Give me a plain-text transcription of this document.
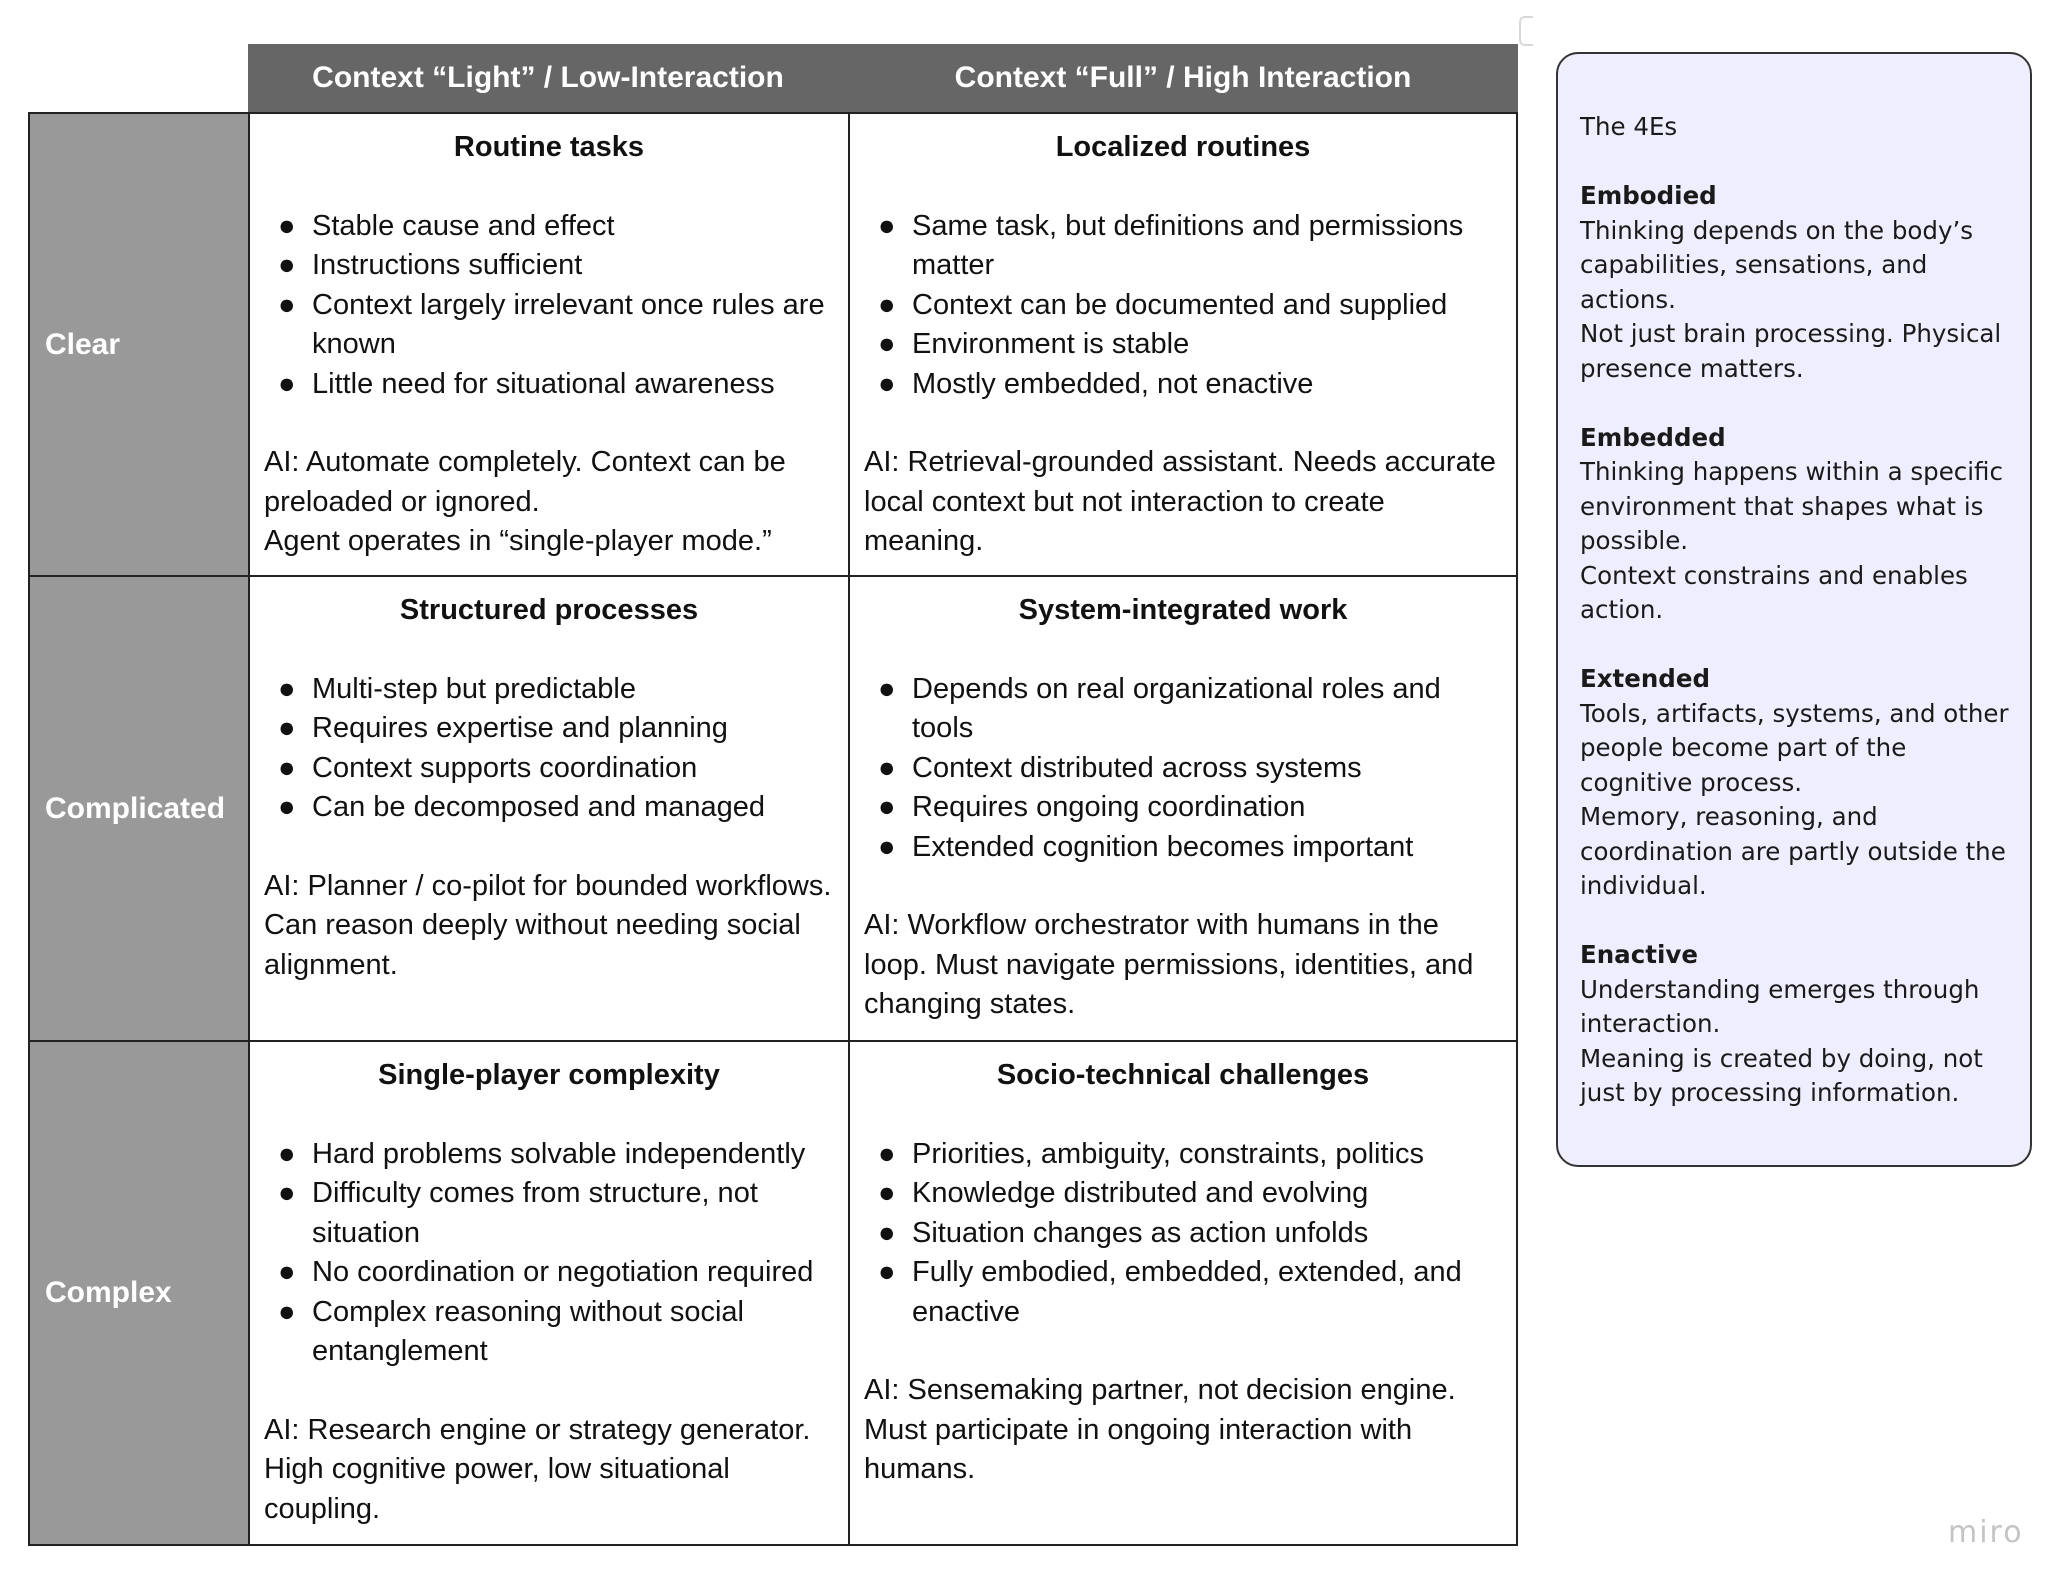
Context “Light” / Low-Interaction	Context “Full” / High Interaction
Clear
Routine tasks
● Stable cause and effect
● Instructions sufficient
● Context largely irrelevant once rules are known
● Little need for situational awareness

AI: Automate completely. Context can be preloaded or ignored.

Agent operates in “single-player mode.”

Localized routines
● Same task, but definitions and permissions matter
● Context can be documented and supplied
● Environment is stable
● Mostly embedded, not enactive

AI: Retrieval-grounded assistant. Needs accurate local context but not interaction to create meaning.

Complicated
Structured processes
● Multi-step but predictable
● Requires expertise and planning
● Context supports coordination
● Can be decomposed and managed

AI: Planner / co-pilot for bounded workflows. Can reason deeply without needing social alignment.

System-integrated work
● Depends on real organizational roles and tools
● Context distributed across systems
● Requires ongoing coordination
● Extended cognition becomes important

AI: Workflow orchestrator with humans in the loop. Must navigate permissions, identities, and changing states.

Complex
Single-player complexity
● Hard problems solvable independently
● Difficulty comes from structure, not situation
● No coordination or negotiation required
● Complex reasoning without social entanglement

AI: Research engine or strategy generator. High cognitive power, low situational coupling.

Socio-technical challenges
● Priorities, ambiguity, constraints, politics
● Knowledge distributed and evolving
● Situation changes as action unfolds
● Fully embodied, embedded, extended, and enactive

AI: Sensemaking partner, not decision engine. Must participate in ongoing interaction with humans.

The 4Es

Embodied

Thinking depends on the body’s capabilities, sensations, and actions.

Not just brain processing. Physical presence matters.

Embedded

Thinking happens within a specific environment that shapes what is possible.

Context constrains and enables action.

Extended

Tools, artifacts, systems, and other people become part of the cognitive process.

Memory, reasoning, and coordination are partly outside the individual.

Enactive

Understanding emerges through interaction.

Meaning is created by doing, not just by processing information.

miro
